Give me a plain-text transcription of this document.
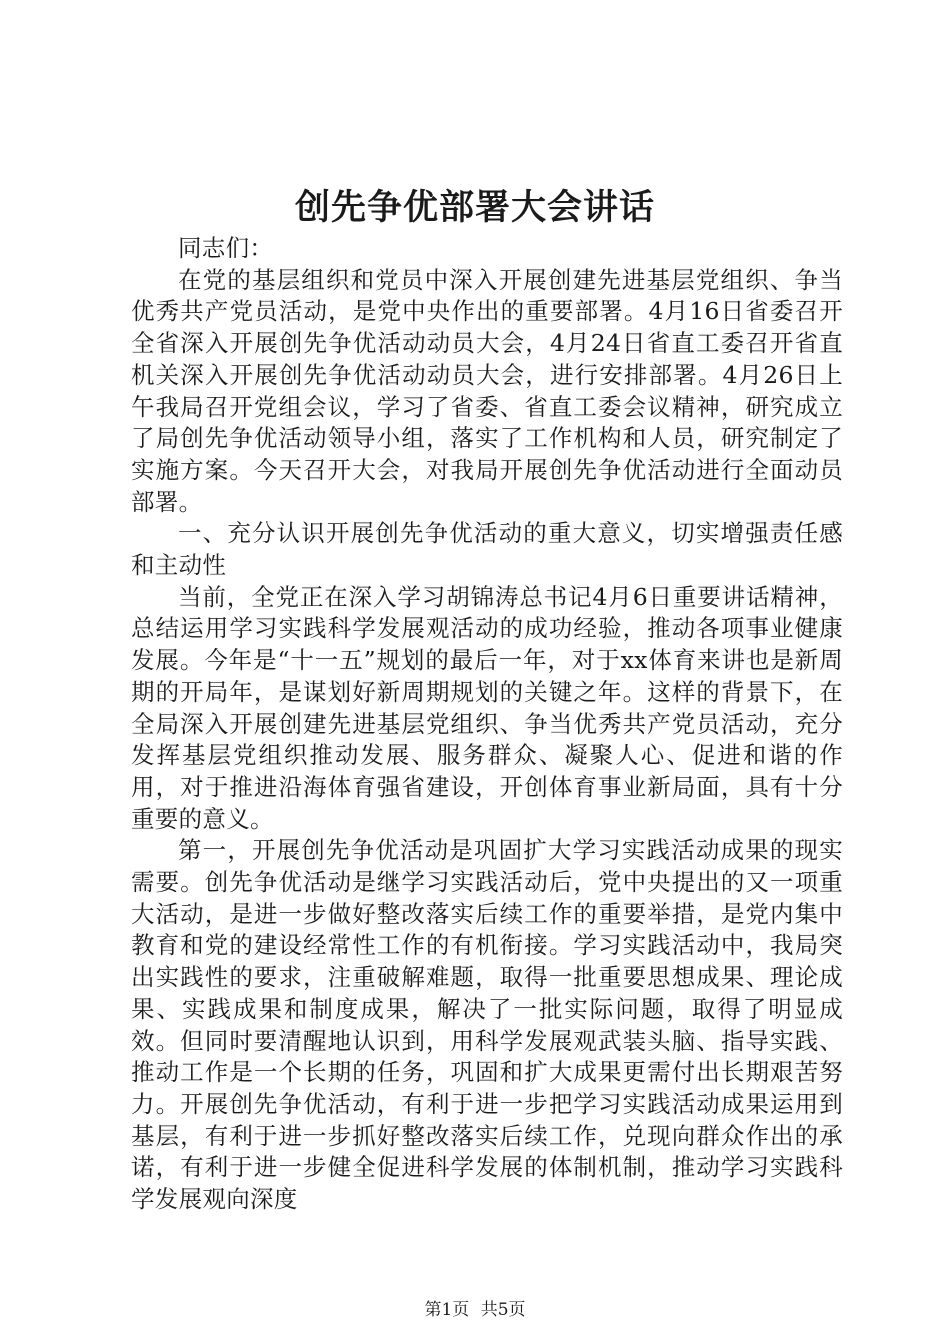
创先争优部署大会讲话

同志们：

在党的基层组织和党员中深入开展创建先进基层党组织、争当优秀共产党员活动，是党中央作出的重要部署。4月16日省委召开全省深入开展创先争优活动动员大会，4月24日省直工委召开省直机关深入开展创先争优活动动员大会，进行安排部署。4月26日上午我局召开党组会议，学习了省委、省直工委会议精神，研究成立了局创先争优活动领导小组，落实了工作机构和人员，研究制定了实施方案。今天召开大会，对我局开展创先争优活动进行全面动员部署。

一、充分认识开展创先争优活动的重大意义，切实增强责任感和主动性

当前，全党正在深入学习胡锦涛总书记4月6日重要讲话精神，总结运用学习实践科学发展观活动的成功经验，推动各项事业健康发展。今年是“十一五”规划的最后一年，对于xx体育来讲也是新周期的开局年，是谋划好新周期规划的关键之年。这样的背景下，在全局深入开展创建先进基层党组织、争当优秀共产党员活动，充分发挥基层党组织推动发展、服务群众、凝聚人心、促进和谐的作用，对于推进沿海体育强省建设，开创体育事业新局面，具有十分重要的意义。

第一，开展创先争优活动是巩固扩大学习实践活动成果的现实需要。创先争优活动是继学习实践活动后，党中央提出的又一项重大活动，是进一步做好整改落实后续工作的重要举措，是党内集中教育和党的建设经常性工作的有机衔接。学习实践活动中，我局突出实践性的要求，注重破解难题，取得一批重要思想成果、理论成果、实践成果和制度成果，解决了一批实际问题，取得了明显成效。但同时要清醒地认识到，用科学发展观武装头脑、指导实践、推动工作是一个长期的任务，巩固和扩大成果更需付出长期艰苦努力。开展创先争优活动，有利于进一步把学习实践活动成果运用到基层，有利于进一步抓好整改落实后续工作，兑现向群众作出的承诺，有利于进一步健全促进科学发展的体制机制，推动学习实践科学发展观向深度

第1页 共5页
